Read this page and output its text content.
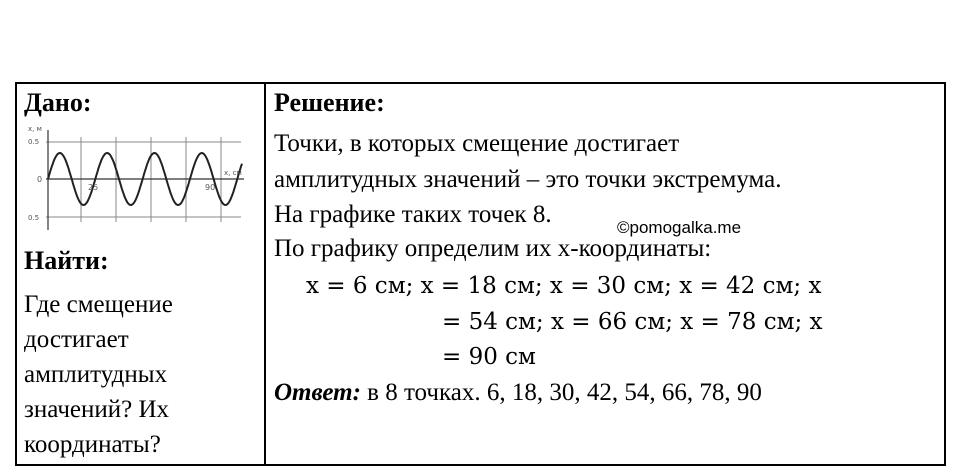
Дано:
x, м
0.5
0
25	90
x, см
0.5
Найти:
Где смещение
достигает
амплитудных
значений? Их
координаты?
Решение:
Точки, в которых смещение достигает
амплитудных значений – это точки экстремума.
На графике таких точек 8.
По графику определим их x-координаты:
x = 6 см; x = 18 см; x = 30 см; x = 42 см; x
= 54 см; x = 66 см; x = 78 см; x
= 90 см
Ответ: в 8 точках. 6, 18, 30, 42, 54, 66, 78, 90
©pomogalka.me
